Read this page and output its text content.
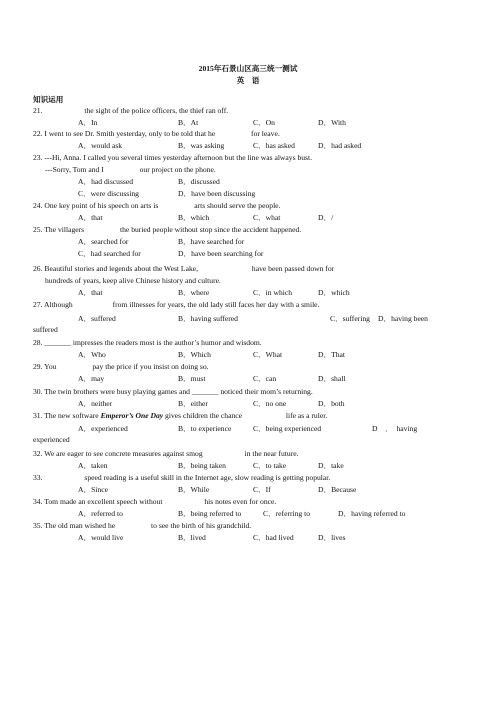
2015年石景山区高三统一测试
英　语
知识运用
21.	the sight of the police officers, the thief ran off.
A．In	B．At	C．On	D．With
22. I went to see Dr. Smith yesterday, only to be told that he	for leave.
A．would ask	B．was asking	C．has asked	D．had asked
23. ---Hi, Anna. I called you several times yesterday afternoon but the line was always bust.
---Sorry, Tom and I	our project on the phone.
A．had discussed	B．discussed
C．were discussing	D．have been discussing
24. One key point of his speech on arts is	arts should serve the people.
A．that	B．which	C．what	D．/
25. The villagers	the buried people without stop since the accident happened.
A．searched for	B．have searched for
C．had searched for	D．have been searching for
26. Beautiful stories and legends about the West Lake,	have been passed down for
hundreds of years, keep alive Chinese history and culture.
A．that	B．where	C．in which	D．which
27. Although	from illnesses for years, the old lady still faces her day with a smile.
A．suffered	B．having suffered	C．suffering D．having been
suffered
28. _______ impresses the readers most is the author’s humor and wisdom.
A．Who	B．Which	C．What	D．That
29. You	pay the price if you insist on doing so.
A．may	B．must	C．can	D．shall
30. The twin brothers were busy playing games and _______ noticed their mom’s returning.
A．neither	B．either	C．no one	D．both
31. The new software Emperor’s One Day gives children the chance	life as a ruler.
A．experienced	B．to experience	C．being experienced	D　．　having
experienced
32. We are eager to see concrete measures against smog	in the near future.
A．taken	B．being taken	C．to take	D．take
33.	speed reading is a useful skill in the Internet age, slow reading is getting popular.
A．Since	B．While	C．If	D．Because
34. Tom made an excellent speech without	his notes even for once.
A．referred to	B．being referred to	C．referring to	D．having referred to
35. The old man wished he	to see the birth of his grandchild.
A．would live	B．lived	C．had lived	D．lives
